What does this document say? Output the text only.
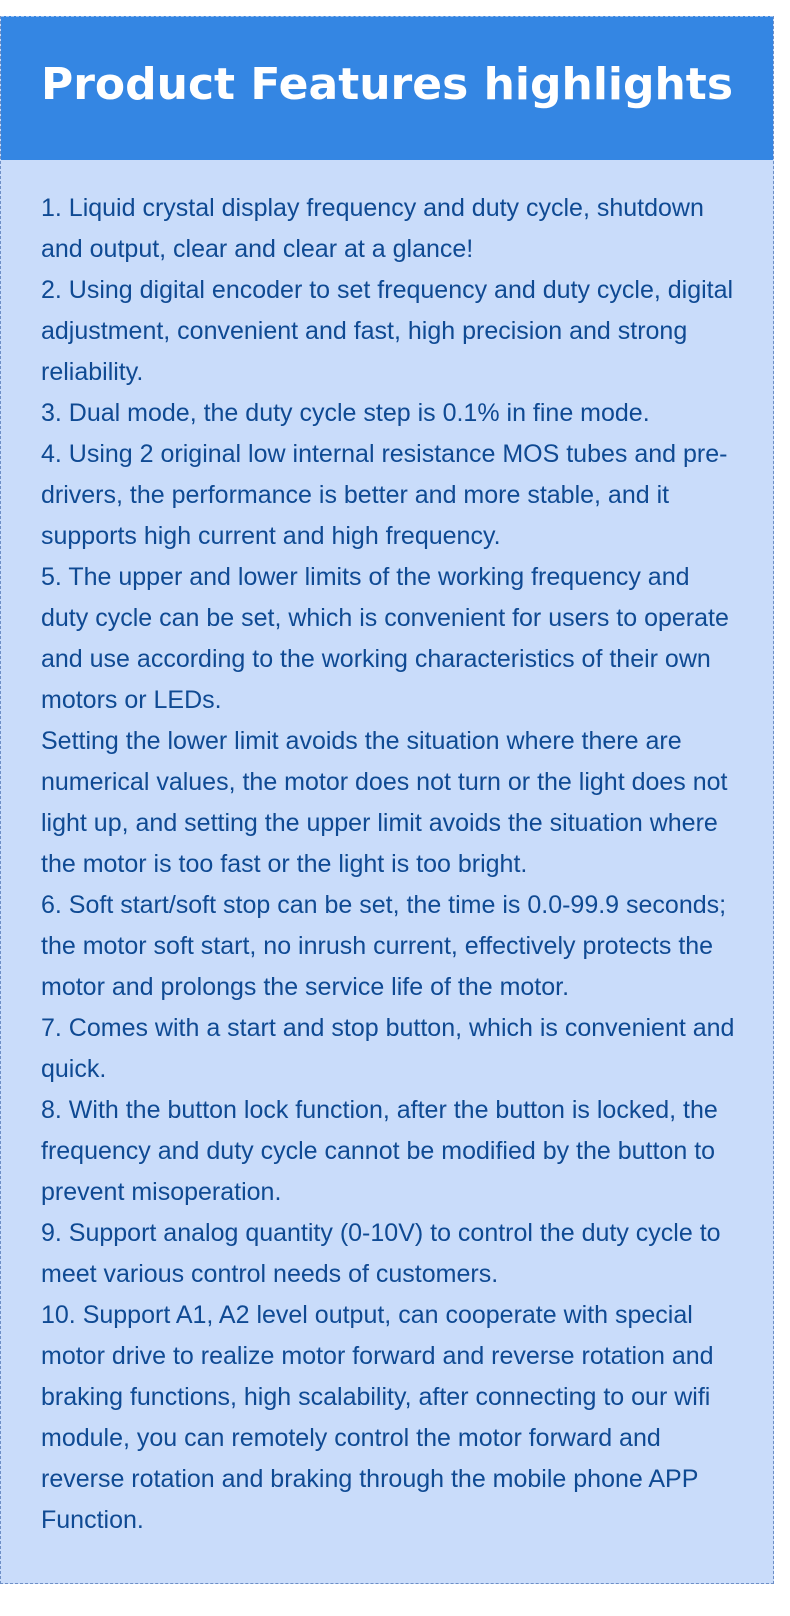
Product Features highlights

1. Liquid crystal display frequency and duty cycle, shutdown and output, clear and clear at a glance!

2. Using digital encoder to set frequency and duty cycle, digital adjustment, convenient and fast, high precision and strong reliability.

3. Dual mode, the duty cycle step is 0.1% in fine mode.

4. Using 2 original low internal resistance MOS tubes and pre-drivers, the performance is better and more stable, and it supports high current and high frequency.

5. The upper and lower limits of the working frequency and duty cycle can be set, which is convenient for users to operate and use according to the working characteristics of their own motors or LEDs.

Setting the lower limit avoids the situation where there are numerical values, the motor does not turn or the light does not light up, and setting the upper limit avoids the situation where the motor is too fast or the light is too bright.

6. Soft start/soft stop can be set, the time is 0.0-99.9 seconds; the motor soft start, no inrush current, effectively protects the motor and prolongs the service life of the motor.

7. Comes with a start and stop button, which is convenient and quick.

8. With the button lock function, after the button is locked, the frequency and duty cycle cannot be modified by the button to prevent misoperation.

9. Support analog quantity (0-10V) to control the duty cycle to meet various control needs of customers.

10. Support A1, A2 level output, can cooperate with special motor drive to realize motor forward and reverse rotation and braking functions, high scalability, after connecting to our wifi module, you can remotely control the motor forward and reverse rotation and braking through the mobile phone APP Function.
